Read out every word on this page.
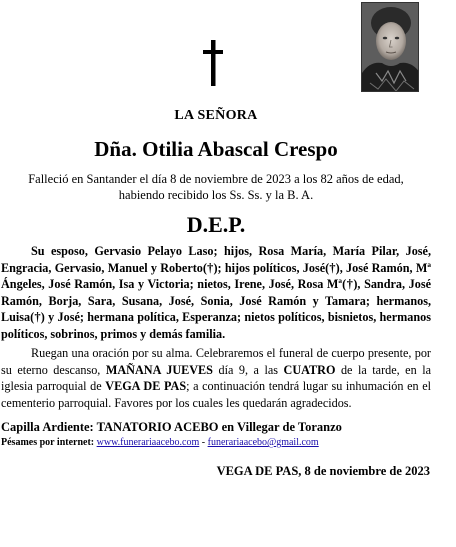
LA SEÑORA
Dña. Otilia Abascal Crespo
Falleció en Santander el día 8 de noviembre de 2023 a los 82 años de edad,
habiendo recibido los Ss. Ss. y la B. A.
D.E.P.
Su esposo, Gervasio Pelayo Laso; hijos, Rosa María, María Pilar, José, Engracia, Gervasio, Manuel y Roberto(†); hijos políticos, José(†), José Ramón, Mª Ángeles, José Ramón, Isa y Victoria; nietos, Irene, José, Rosa Mª(†), Sandra, José Ramón, Borja, Sara, Susana, José, Sonia, José Ramón y Tamara; hermanos, Luisa(†) y José; hermana política, Esperanza; nietos políticos, bisnietos, hermanos políticos, sobrinos, primos y demás familia.
Ruegan una oración por su alma. Celebraremos el funeral de cuerpo presente, por su eterno descanso, MAÑANA JUEVES día 9, a las CUATRO de la tarde, en la iglesia parroquial de VEGA DE PAS; a continuación tendrá lugar su inhumación en el cementerio parroquial. Favores por los cuales les quedarán agradecidos.
Capilla Ardiente: TANATORIO ACEBO en Villegar de Toranzo
Pésames por internet: www.funerariaacebo.com - funerariaacebo@gmail.com
VEGA DE PAS, 8 de noviembre de 2023
